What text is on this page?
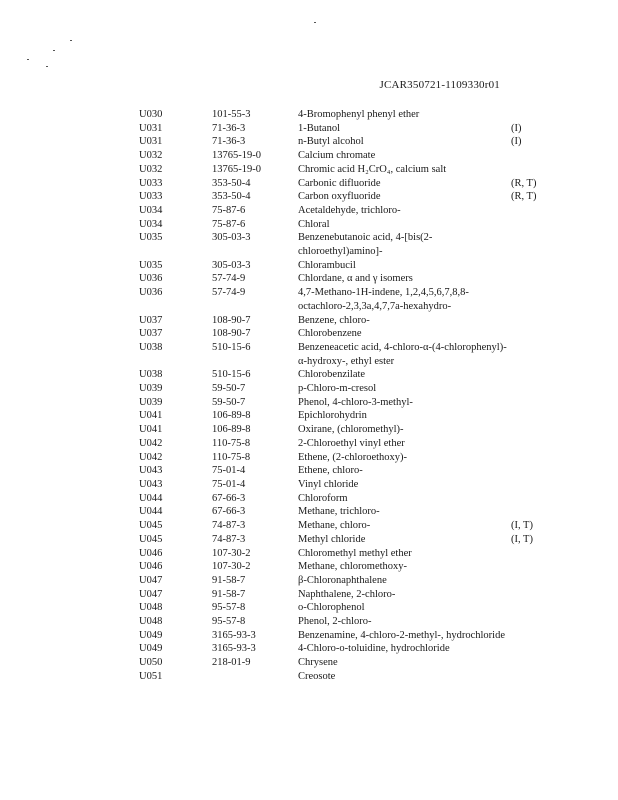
JCAR350721-1109330r01
U030	101-55-3	4-Bromophenyl phenyl ether	
U031	71-36-3	1-Butanol	(I)
U031	71-36-3	n-Butyl alcohol	(I)
U032	13765-19-0	Calcium chromate	
U032	13765-19-0	Chromic acid H₂CrO₄, calcium salt	
U033	353-50-4	Carbonic difluoride	(R, T)
U033	353-50-4	Carbon oxyfluoride	(R, T)
U034	75-87-6	Acetaldehyde, trichloro-	
U034	75-87-6	Chloral	
U035	305-03-3	Benzenebutanoic acid, 4-[bis(2-chloroethyl)amino]-	
U035	305-03-3	Chlorambucil	
U036	57-74-9	Chlordane, α and γ isomers	
U036	57-74-9	4,7-Methano-1H-indene, 1,2,4,5,6,7,8,8-octachloro-2,3,3a,4,7,7a-hexahydro-	
U037	108-90-7	Benzene, chloro-	
U037	108-90-7	Chlorobenzene	
U038	510-15-6	Benzeneacetic acid, 4-chloro-α-(4-chlorophenyl)-α-hydroxy-, ethyl ester	
U038	510-15-6	Chlorobenzilate	
U039	59-50-7	p-Chloro-m-cresol	
U039	59-50-7	Phenol, 4-chloro-3-methyl-	
U041	106-89-8	Epichlorohydrin	
U041	106-89-8	Oxirane, (chloromethyl)-	
U042	110-75-8	2-Chloroethyl vinyl ether	
U042	110-75-8	Ethene, (2-chloroethoxy)-	
U043	75-01-4	Ethene, chloro-	
U043	75-01-4	Vinyl chloride	
U044	67-66-3	Chloroform	
U044	67-66-3	Methane, trichloro-	
U045	74-87-3	Methane, chloro-	(I, T)
U045	74-87-3	Methyl chloride	(I, T)
U046	107-30-2	Chloromethyl methyl ether	
U046	107-30-2	Methane, chloromethoxy-	
U047	91-58-7	β-Chloronaphthalene	
U047	91-58-7	Naphthalene, 2-chloro-	
U048	95-57-8	o-Chlorophenol	
U048	95-57-8	Phenol, 2-chloro-	
U049	3165-93-3	Benzenamine, 4-chloro-2-methyl-, hydrochloride	
U049	3165-93-3	4-Chloro-o-toluidine, hydrochloride	
U050	218-01-9	Chrysene	
U051		Creosote	
